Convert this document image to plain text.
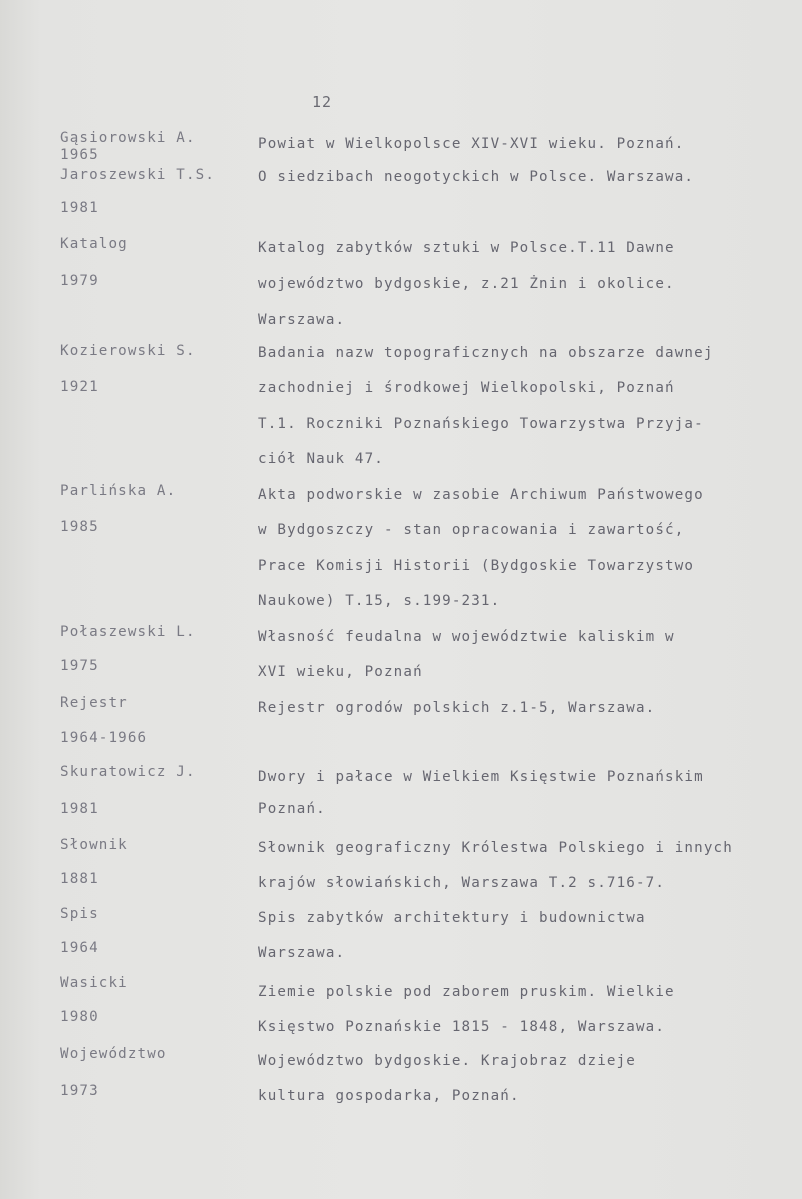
12
Gąsiorowski A.
1965
Powiat w Wielkopolsce XIV-XVI wieku. Poznań.
Jaroszewski T.S.
1981
O siedzibach neogotyckich w Polsce. Warszawa.
Katalog
1979
Katalog zabytków sztuki w Polsce.T.11 Dawne
województwo bydgoskie, z.21 Żnin i okolice.
Warszawa.
Kozierowski S.
1921
Badania nazw topograficznych na obszarze dawnej
zachodniej i środkowej Wielkopolski, Poznań
T.1. Roczniki Poznańskiego Towarzystwa Przyja-
ciół Nauk 47.
Parlińska A.
1985
Akta podworskie w zasobie Archiwum Państwowego
w Bydgoszczy - stan opracowania i zawartość,
Prace Komisji Historii (Bydgoskie Towarzystwo
Naukowe) T.15, s.199-231.
Połaszewski L.
1975
Własność feudalna w województwie kaliskim w
XVI wieku, Poznań
Rejestr
1964-1966
Rejestr ogrodów polskich z.1-5, Warszawa.
Skuratowicz J.
1981
Dwory i pałace w Wielkiem Księstwie Poznańskim
Poznań.
Słownik
1881
Słownik geograficzny Królestwa Polskiego i innych
krajów słowiańskich, Warszawa T.2 s.716-7.
Spis
1964
Spis zabytków architektury i budownictwa
Warszawa.
Wasicki
1980
Ziemie polskie pod zaborem pruskim. Wielkie
Księstwo Poznańskie 1815 - 1848, Warszawa.
Województwo
1973
Województwo bydgoskie. Krajobraz dzieje
kultura gospodarka, Poznań.
